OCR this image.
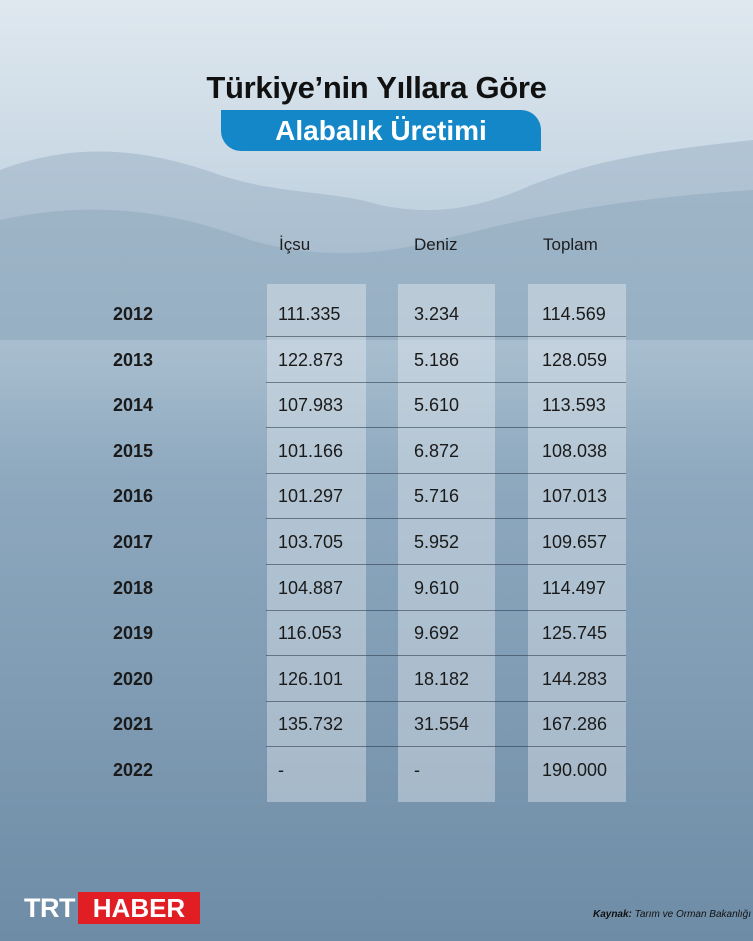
Türkiye’nin Yıllara Göre
Alabalık Üretimi
İçsu	Deniz	Toplam
2012	111.335	3.234	114.569
2013	122.873	5.186	128.059
2014	107.983	5.610	113.593
2015	101.166	6.872	108.038
2016	101.297	5.716	107.013
2017	103.705	5.952	109.657
2018	104.887	9.610	114.497
2019	116.053	9.692	125.745
2020	126.101	18.182	144.283
2021	135.732	31.554	167.286
2022	-	-	190.000
TRT HABER	Kaynak: Tarım ve Orman Bakanlığı
